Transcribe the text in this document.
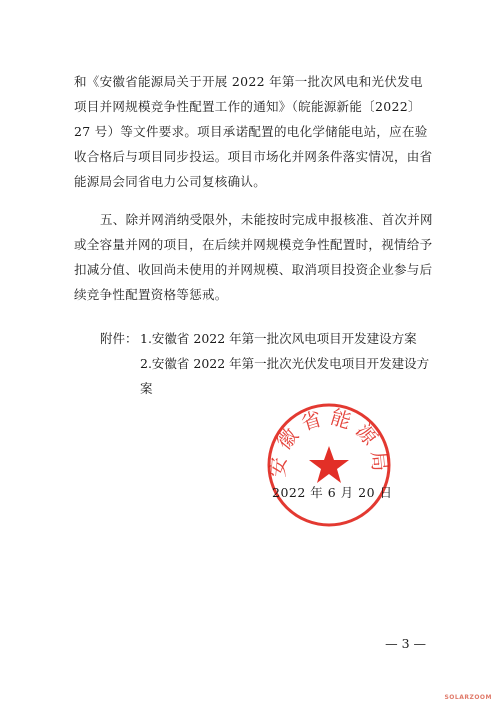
和《安徽省能源局关于开展 2022 年第一批次风电和光伏发电项目并网规模竞争性配置工作的通知》（皖能源新能〔2022〕27 号）等文件要求。项目承诺配置的电化学储能电站，应在验收合格后与项目同步投运。项目市场化并网条件落实情况，由省能源局会同省电力公司复核确认。
五、除并网消纳受限外，未能按时完成申报核准、首次并网或全容量并网的项目，在后续并网规模竞争性配置时，视情给予扣减分值、收回尚未使用的并网规模、取消项目投资企业参与后续竞争性配置资格等惩戒。
附件： 1.安徽省 2022 年第一批次风电项目开发建设方案
2.安徽省 2022 年第一批次光伏发电项目开发建设方案
安徽省能源局
2022 年 6 月 20 日
— 3 —
SOLARZOOM
